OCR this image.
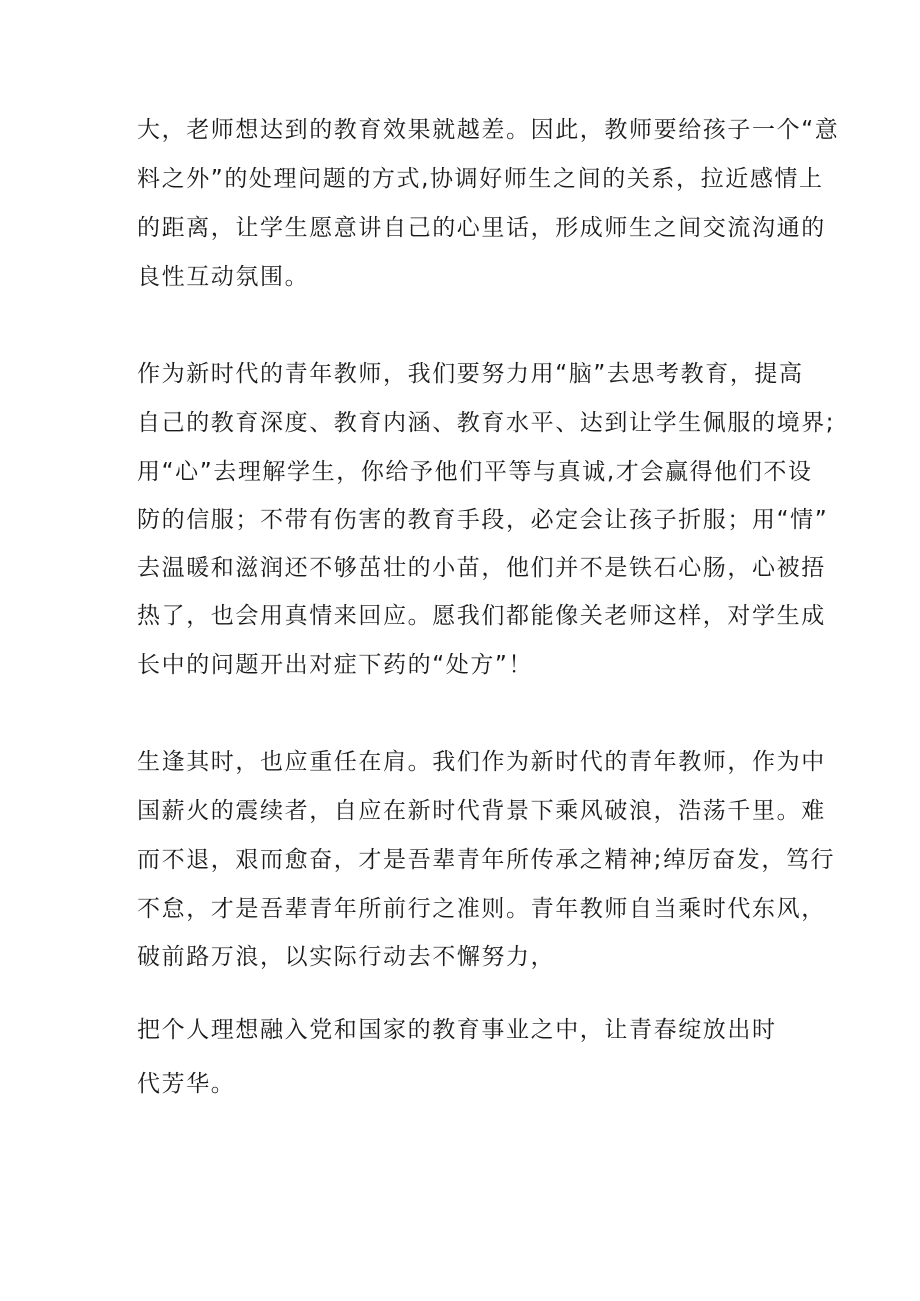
大，老师想达到的教育效果就越差。因此，教师要给孩子一个“意
料之外”的处理问题的方式,协调好师生之间的关系，拉近感情上
的距离，让学生愿意讲自己的心里话，形成师生之间交流沟通的
良性互动氛围。
作为新时代的青年教师，我们要努力用“脑”去思考教育，提高
自己的教育深度、教育内涵、教育水平、达到让学生佩服的境界;
用“心”去理解学生，你给予他们平等与真诚,才会赢得他们不设
防的信服；不带有伤害的教育手段，必定会让孩子折服；用“情”
去温暖和滋润还不够茁壮的小苗，他们并不是铁石心肠，心被捂
热了，也会用真情来回应。愿我们都能像关老师这样，对学生成
长中的问题开出对症下药的“处方”！
生逢其时，也应重任在肩。我们作为新时代的青年教师，作为中
国薪火的震续者，自应在新时代背景下乘风破浪，浩荡千里。难
而不退，艰而愈奋，才是吾辈青年所传承之精神;绰厉奋发，笃行
不怠，才是吾辈青年所前行之准则。青年教师自当乘时代东风，
破前路万浪，以实际行动去不懈努力，
把个人理想融入党和国家的教育事业之中，让青春绽放出时
代芳华。
